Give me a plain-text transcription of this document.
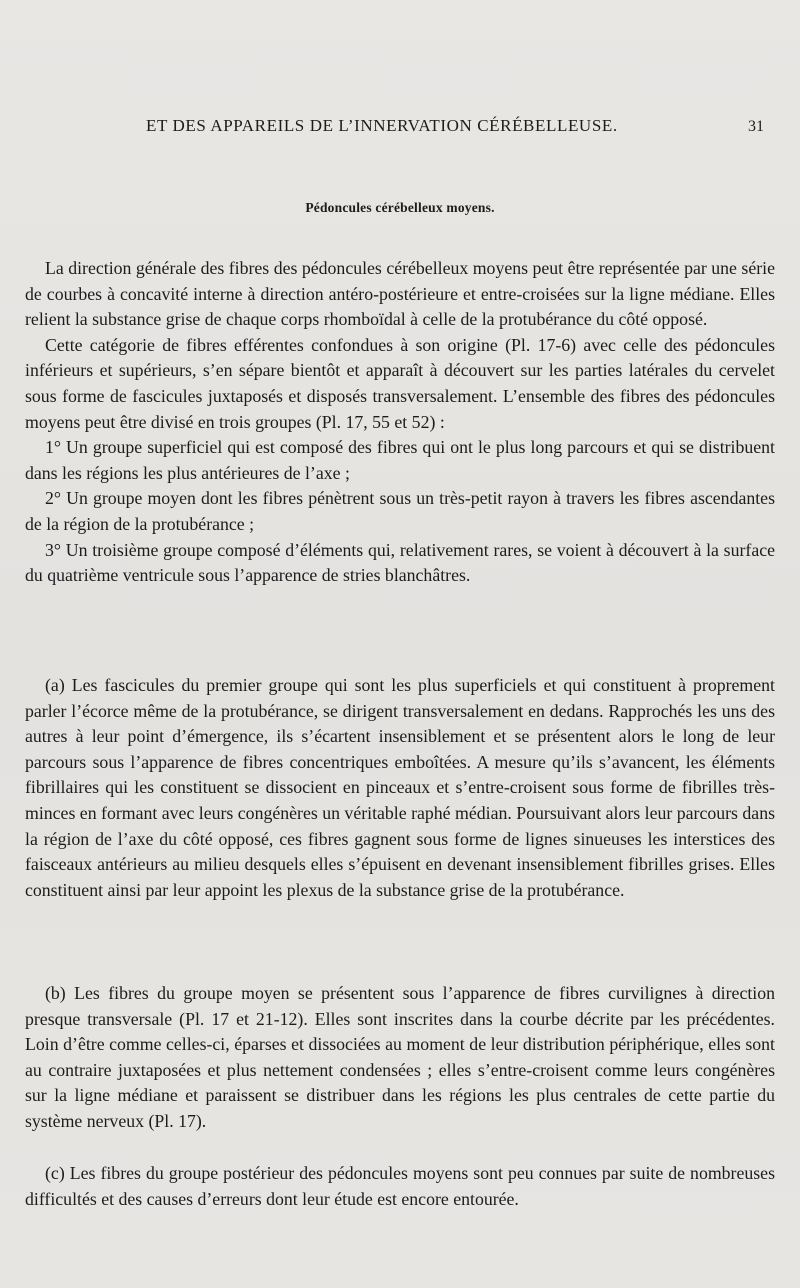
ET DES APPAREILS DE L’INNERVATION CÉRÉBELLEUSE.	31
Pédoncules cérébelleux moyens.

La direction générale des fibres des pédoncules cérébelleux moyens peut être représentée par une série de courbes à concavité interne à direction antéro-postérieure et entre-croisées sur la ligne médiane. Elles relient la substance grise de chaque corps rhomboïdal à celle de la protubérance du côté opposé.

Cette catégorie de fibres efférentes confondues à son origine (Pl. 17-6) avec celle des pédoncules inférieurs et supérieurs, s’en sépare bientôt et apparaît à découvert sur les parties latérales du cervelet sous forme de fascicules juxtaposés et disposés transversalement. L’ensemble des fibres des pédoncules moyens peut être divisé en trois groupes (Pl. 17, 55 et 52) :

1° Un groupe superficiel qui est composé des fibres qui ont le plus long parcours et qui se distribuent dans les régions les plus antérieures de l’axe ;

2° Un groupe moyen dont les fibres pénètrent sous un très-petit rayon à travers les fibres ascendantes de la région de la protubérance ;

3° Un troisième groupe composé d’éléments qui, relativement rares, se voient à découvert à la surface du quatrième ventricule sous l’apparence de stries blanchâtres.

(a) Les fascicules du premier groupe qui sont les plus superficiels et qui constituent à proprement parler l’écorce même de la protubérance, se dirigent transversalement en dedans. Rapprochés les uns des autres à leur point d’émergence, ils s’écartent insensiblement et se présentent alors le long de leur parcours sous l’apparence de fibres concentriques emboîtées. A mesure qu’ils s’avancent, les éléments fibrillaires qui les constituent se dissocient en pinceaux et s’entre-croisent sous forme de fibrilles très-minces en formant avec leurs congénères un véritable raphé médian. Poursuivant alors leur parcours dans la région de l’axe du côté opposé, ces fibres gagnent sous forme de lignes sinueuses les interstices des faisceaux antérieurs au milieu desquels elles s’épuisent en devenant insensiblement fibrilles grises. Elles constituent ainsi par leur appoint les plexus de la substance grise de la protubérance.

(b) Les fibres du groupe moyen se présentent sous l’apparence de fibres curvilignes à direction presque transversale (Pl. 17 et 21-12). Elles sont inscrites dans la courbe décrite par les précédentes. Loin d’être comme celles-ci, éparses et dissociées au moment de leur distribution périphérique, elles sont au contraire juxtaposées et plus nettement condensées ; elles s’entre-croisent comme leurs congénères sur la ligne médiane et paraissent se distribuer dans les régions les plus centrales de cette partie du système nerveux (Pl. 17).

(c) Les fibres du groupe postérieur des pédoncules moyens sont peu connues par suite de nombreuses difficultés et des causes d’erreurs dont leur étude est encore entourée.
